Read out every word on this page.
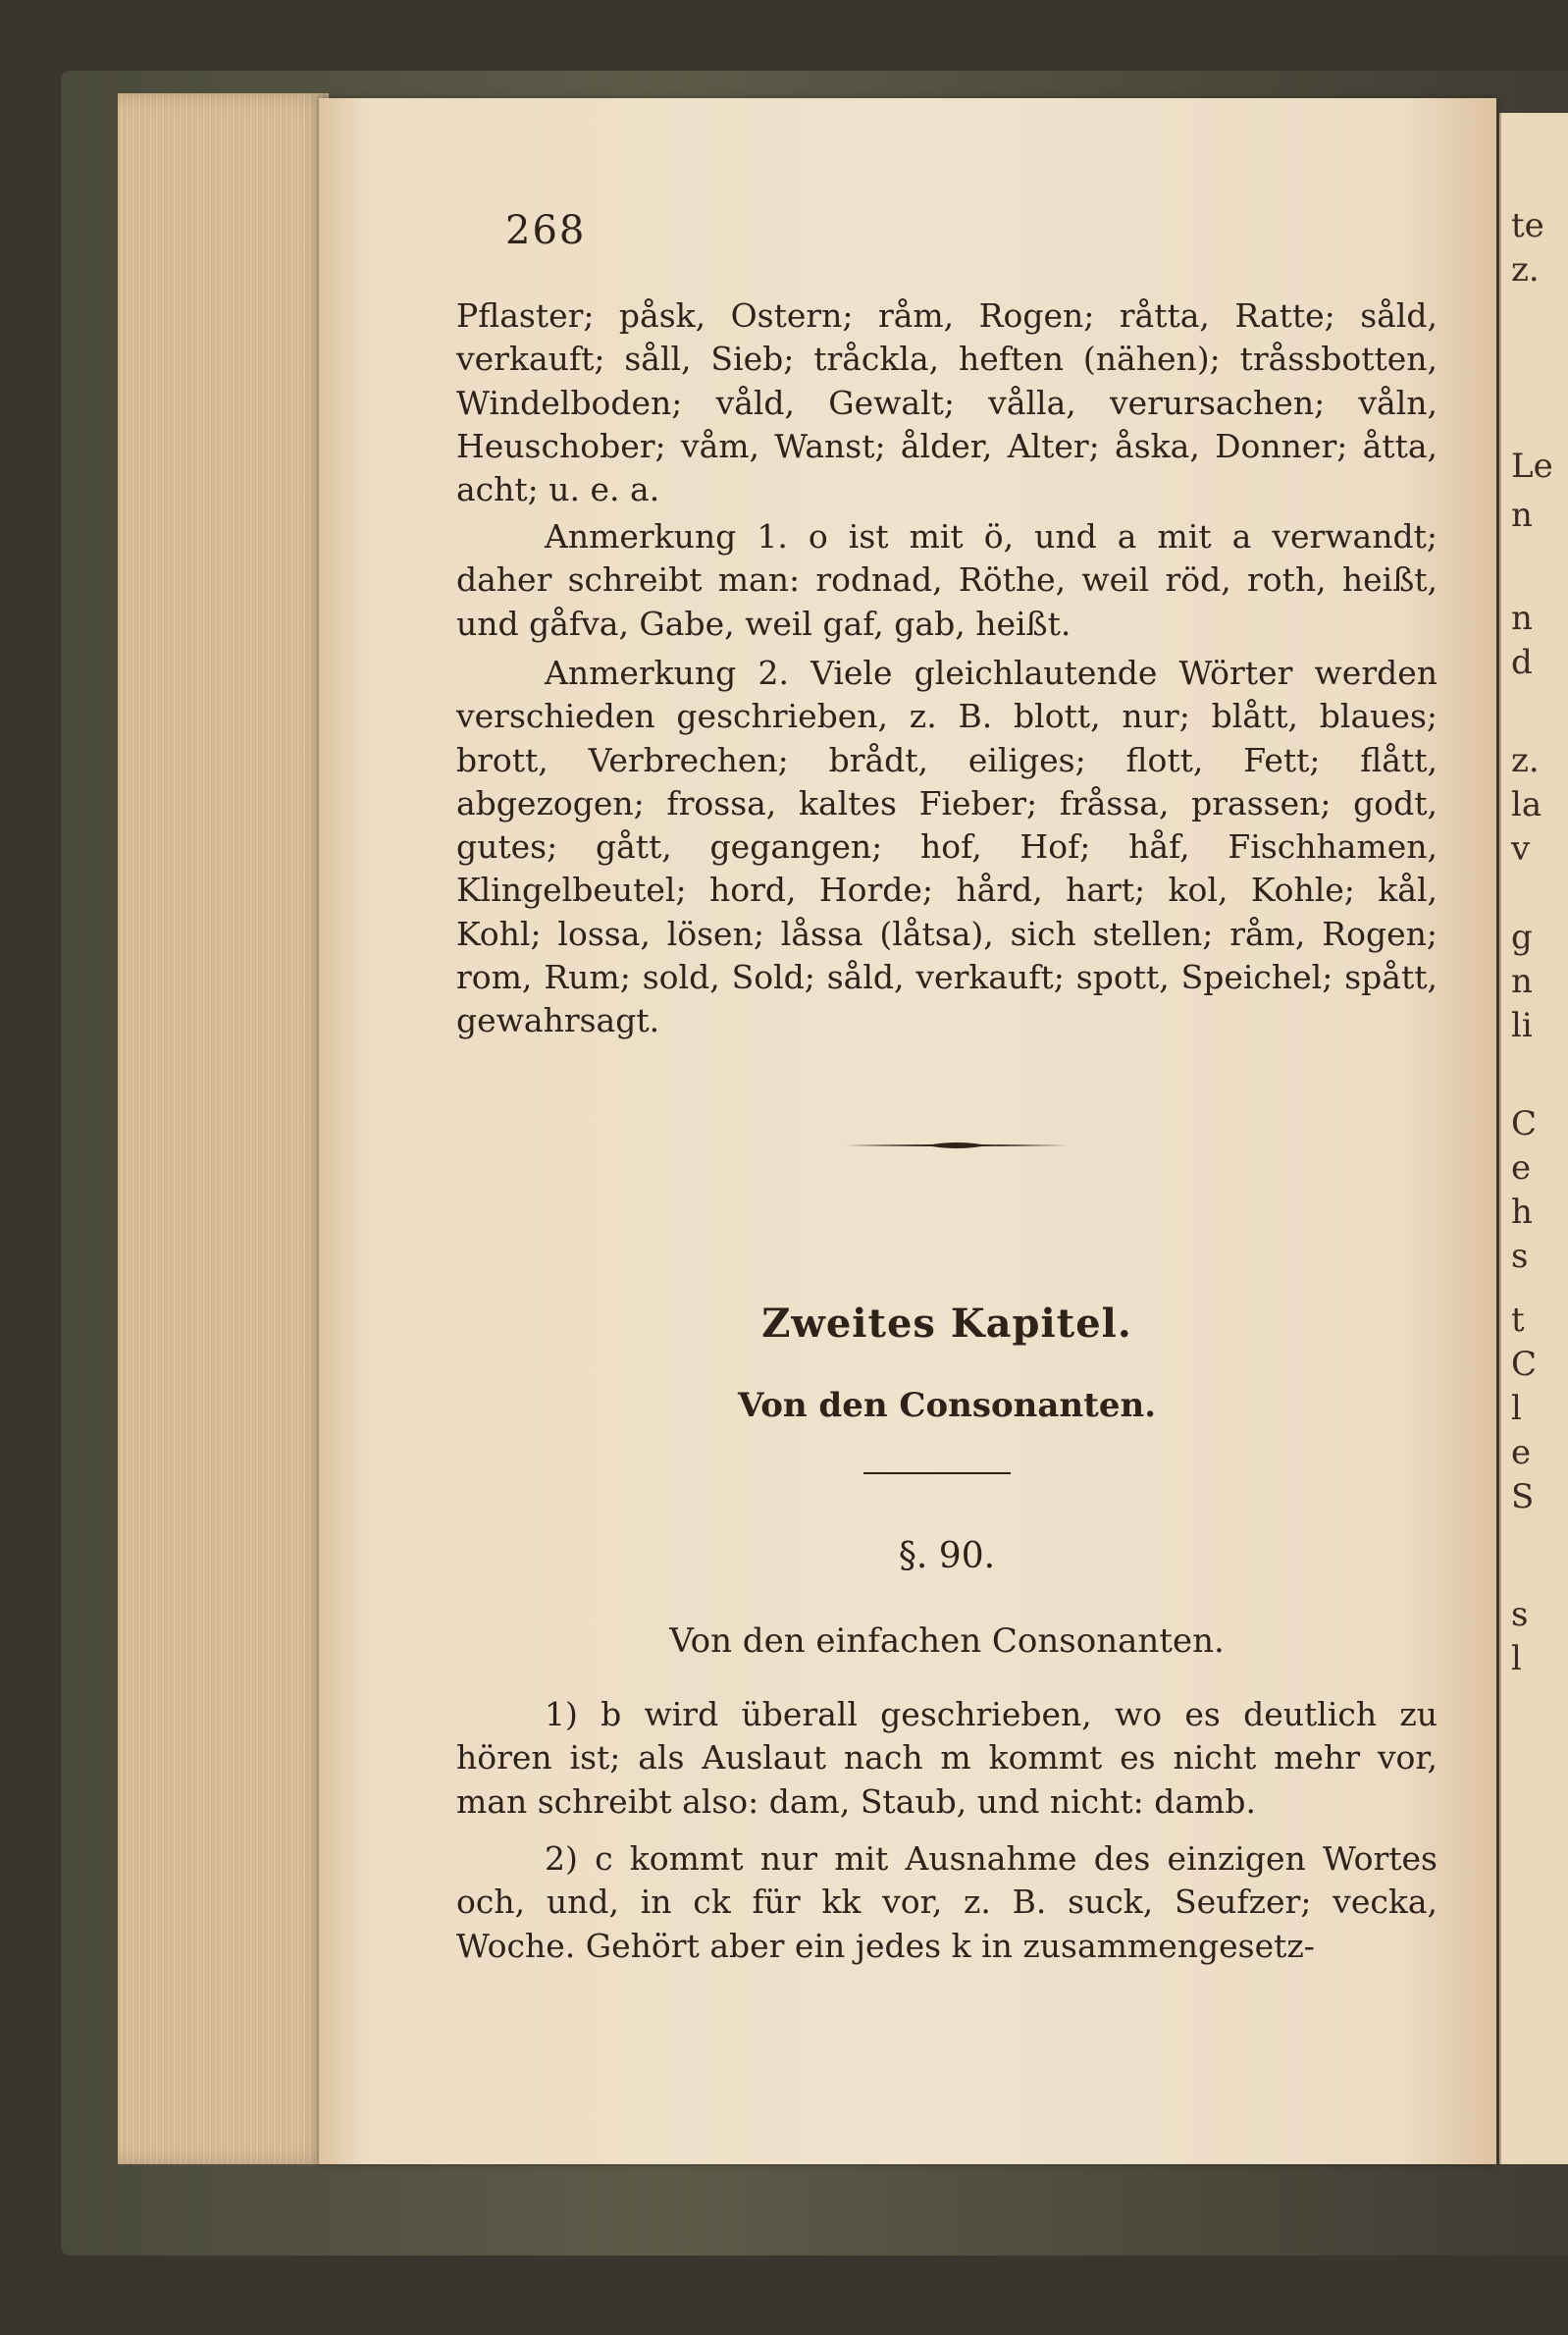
te
z.
Le
n
n
d
z.
la
v
g
n
li
C
e
h
s
t
C
l
e
S
s
l
268

Pflaster; påsk, Ostern; råm, Rogen; råtta, Ratte; såld, verkauft; såll, Sieb; tråckla, heften (nähen); tråssbotten, Windelboden; våld, Gewalt; vålla, verursachen; våln, Heuschober; våm, Wanst; ålder, Alter; åska, Donner; åtta, acht; u. e. a.

Anmerkung 1. o ist mit ö, und a mit a verwandt; daher schreibt man: rodnad, Röthe, weil röd, roth, heißt, und gåfva, Gabe, weil gaf, gab, heißt.

Anmerkung 2. Viele gleichlautende Wörter werden verschieden geschrieben, z. B. blott, nur; blått, blaues; brott, Verbrechen; brådt, eiliges; flott, Fett; flått, abgezogen; frossa, kaltes Fieber; fråssa, prassen; godt, gutes; gått, gegangen; hof, Hof; håf, Fischhamen, Klingelbeutel; hord, Horde; hård, hart; kol, Kohle; kål, Kohl; lossa, lösen; låssa (låtsa), sich stellen; råm, Rogen; rom, Rum; sold, Sold; såld, verkauft; spott, Speichel; spått, gewahrsagt.

Zweites Kapitel.
Von den Consonanten.
§. 90.
Von den einfachen Consonanten.

1) b wird überall geschrieben, wo es deutlich zu hören ist; als Auslaut nach m kommt es nicht mehr vor, man schreibt also: dam, Staub, und nicht: damb.

2) c kommt nur mit Ausnahme des einzigen Wortes och, und, in ck für kk vor, z. B. suck, Seufzer; vecka, Woche. Gehört aber ein jedes k in zusammengesetz-
